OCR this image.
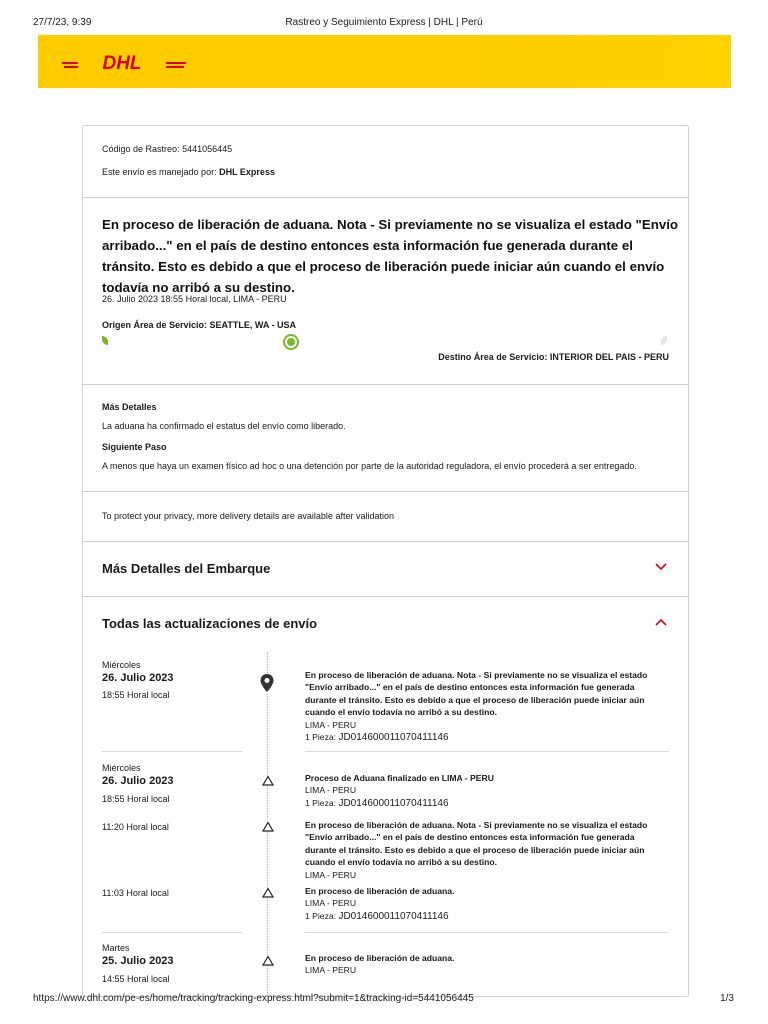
27/7/23, 9:39	Rastreo y Seguimiento Express | DHL | Perú
DHL
Código de Rastreo: 5441056445
Este envío es manejado por: DHL Express
En proceso de liberación de aduana. Nota - Si previamente no se visualiza el estado "Envío
arribado..." en el país de destino entonces esta información fue generada durante el
tránsito. Esto es debido a que el proceso de liberación puede iniciar aún cuando el envío
todavía no arribó a su destino.
26. Julio 2023 18:55 Horal local, LIMA - PERU
Origen Área de Servicio: SEATTLE, WA - USA
Destino Área de Servicio: INTERIOR DEL PAIS - PERU
Más Detalles
La aduana ha confirmado el estatus del envío como liberado.
Siguiente Paso
A menos que haya un examen físico ad hoc o una detención por parte de la autoridad reguladora, el envío procederá a ser entregado.
To protect your privacy, more delivery details are available after validation
Más Detalles del Embarque
Todas las actualizaciones de envío
Miércoles
26. Julio 2023
18:55 Horal local
En proceso de liberación de aduana. Nota - Si previamente no se visualiza el estado
"Envío arribado..." en el país de destino entonces esta información fue generada
durante el tránsito. Esto es debido a que el proceso de liberación puede iniciar aún
cuando el envío todavía no arribó a su destino.
LIMA - PERU
1 Pieza: JD014600011070411146
Miércoles
26. Julio 2023
18:55 Horal local
Proceso de Aduana finalizado en LIMA - PERU
LIMA - PERU
1 Pieza: JD014600011070411146
11:20 Horal local	En proceso de liberación de aduana. Nota - Si previamente no se visualiza el estado
"Envío arribado..." en el país de destino entonces esta información fue generada
durante el tránsito. Esto es debido a que el proceso de liberación puede iniciar aún
cuando el envío todavía no arribó a su destino.
LIMA - PERU
11:03 Horal local	En proceso de liberación de aduana.
LIMA - PERU
1 Pieza: JD014600011070411146
Martes
25. Julio 2023
14:55 Horal local
En proceso de liberación de aduana.
LIMA - PERU
https://www.dhl.com/pe-es/home/tracking/tracking-express.html?submit=1&tracking-id=5441056445	1/3
